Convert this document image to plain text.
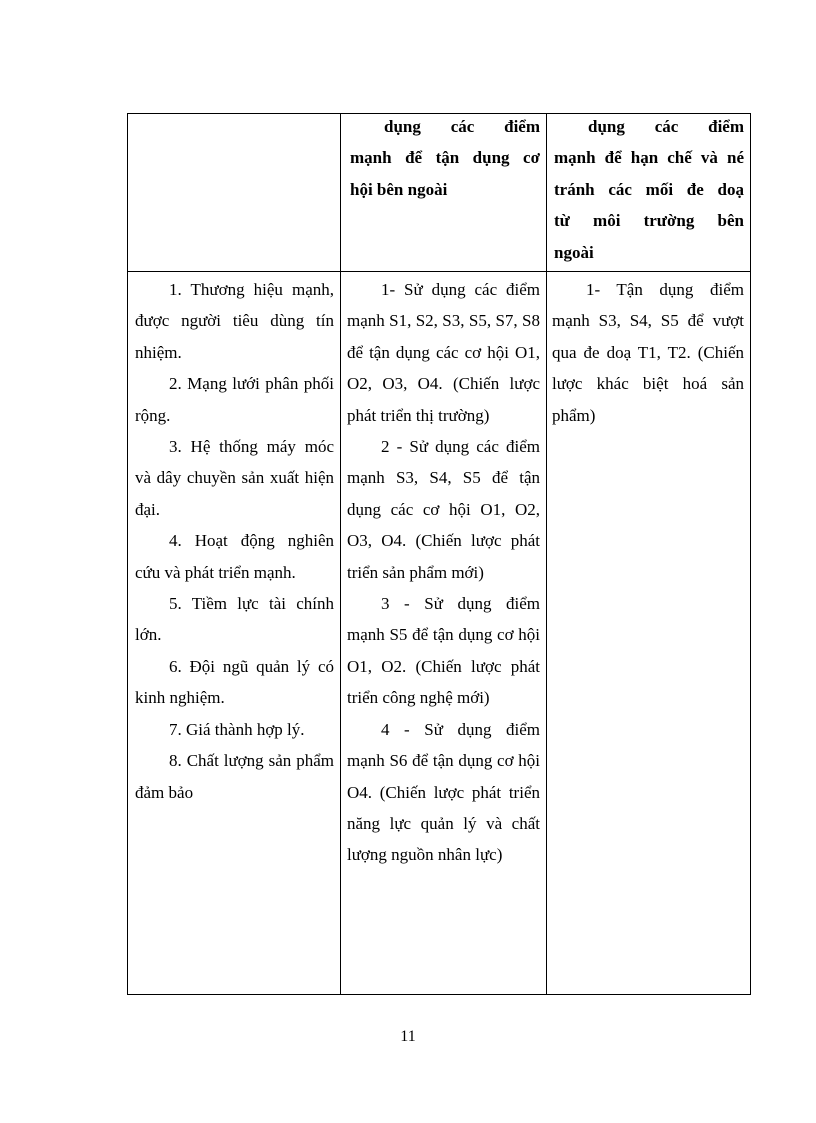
dụng các điểm
mạnh để tận dụng cơ
hội bên ngoài
dụng các điểm
mạnh để hạn chế và né
tránh các mối đe doạ
từ môi trường bên
ngoài

1. Thương hiệu mạnh, được người tiêu dùng tín nhiệm.

2. Mạng lưới phân phối rộng.

3. Hệ thống máy móc và dây chuyền sản xuất hiện đại.

4. Hoạt động nghiên cứu và phát triển mạnh.

5. Tiềm lực tài chính lớn.

6. Đội ngũ quản lý có kinh nghiệm.

7. Giá thành hợp lý.

8. Chất lượng sản phẩm đảm bảo

1- Sử dụng các điểm mạnh S1, S2, S3, S5, S7, S8 để tận dụng các cơ hội O1, O2, O3, O4. (Chiến lược phát triển thị trường)

2 - Sử dụng các điểm mạnh S3, S4, S5 để tận dụng các cơ hội O1, O2, O3, O4. (Chiến lược phát triển sản phẩm mới)

3 - Sử dụng điểm mạnh S5 để tận dụng cơ hội O1, O2. (Chiến lược phát triển công nghệ mới)

4 - Sử dụng điểm mạnh S6 để tận dụng cơ hội O4. (Chiến lược phát triển năng lực quản lý và chất lượng nguồn nhân lực)

1- Tận dụng điểm mạnh S3, S4, S5 để vượt qua đe doạ T1, T2. (Chiến lược khác biệt hoá sản phẩm)

11
